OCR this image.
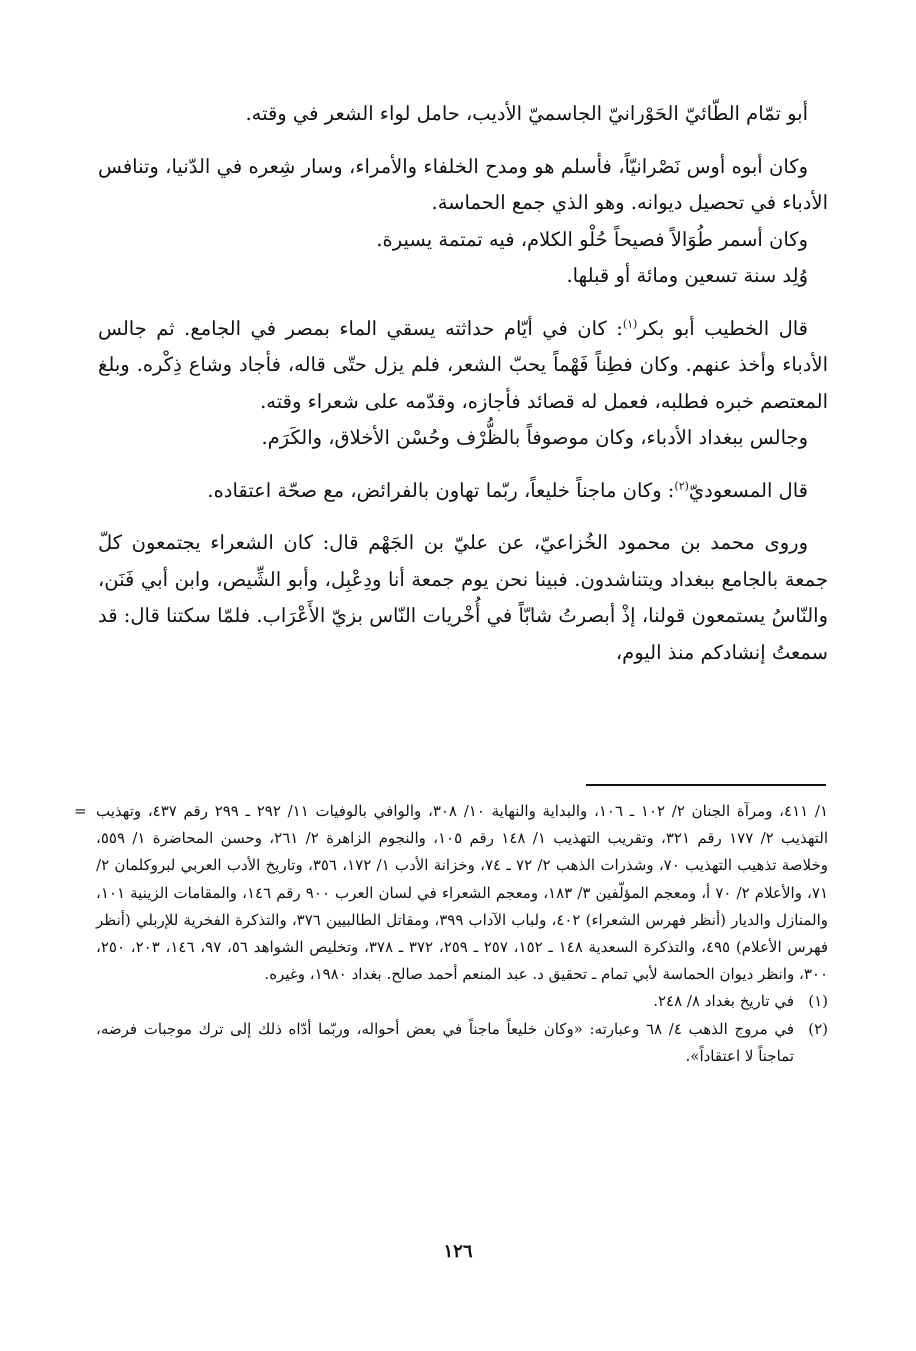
أبو تمّام الطّائيّ الحَوْرانيّ الجاسميّ الأديب، حامل لواء الشعر في وقته.

وكان أبوه أوس نَصْرانيّاً، فأسلم هو ومدح الخلفاء والأمراء، وسار شِعره في الدّنيا، وتنافس الأدباء في تحصيل ديوانه. وهو الذي جمع الحماسة.

وكان أسمر طُوَالاً فصيحاً حُلْو الكلام، فيه تمتمة يسيرة.

وُلِد سنة تسعين ومائة أو قبلها.

قال الخطيب أبو بكر$^{(١)}$: كان في أيّام حداثته يسقي الماء بمصر في الجامع. ثم جالس الأدباء وأخذ عنهم. وكان فطِناً فَهْماً يحبّ الشعر، فلم يزل حتّى قاله، فأجاد وشاع ذِكْره. وبلغ المعتصم خبره فطلبه، فعمل له قصائد فأجازه، وقدّمه على شعراء وقته.

وجالس ببغداد الأدباء، وكان موصوفاً بالظُّرْف وحُسْن الأخلاق، والكَرَم.

قال المسعوديّ$^{(٢)}$: وكان ماجناً خليعاً، ربّما تهاون بالفرائض، مع صحّة اعتقاده.

وروى محمد بن محمود الخُزاعيّ، عن عليّ بن الجَهْم قال: كان الشعراء يجتمعون كلّ جمعة بالجامع ببغداد ويتناشدون. فبينا نحن يوم جمعة أنا ودِعْبِل، وأبو الشِّيص، وابن أبي فَنَن، والنّاسُ يستمعون قولنا، إذْ أبصرتُ شابّاً في أُخْريات النّاس بزيّ الأَعْرَاب. فلمّا سكتنا قال: قد سمعتُ إنشادكم منذ اليوم،

= ١/ ٤١١، ومرآة الجنان ٢/ ١٠٢ ـ ١٠٦، والبداية والنهاية ١٠/ ٣٠٨، والوافي بالوفيات ١١/ ٢٩٢ ـ ٢٩٩ رقم ٤٣٧، وتهذيب التهذيب ٢/ ١٧٧ رقم ٣٢١، وتقريب التهذيب ١/ ١٤٨ رقم ١٠٥، والنجوم الزاهرة ٢/ ٢٦١، وحسن المحاضرة ١/ ٥٥٩، وخلاصة تذهيب التهذيب ٧٠، وشذرات الذهب ٢/ ٧٢ ـ ٧٤، وخزانة الأدب ١/ ١٧٢، ٣٥٦، وتاريخ الأدب العربي لبروكلمان ٢/ ٧١، والأعلام ٢/ ٧٠ أ، ومعجم المؤلّفين ٣/ ١٨٣، ومعجم الشعراء في لسان العرب ٩٠٠ رقم ١٤٦، والمقامات الزينية ١٠١، والمنازل والديار (أنظر فهرس الشعراء) ٤٠٢، ولباب الآداب ٣٩٩، ومقاتل الطالبيين ٣٧٦، والتذكرة الفخرية للإربلي (أنظر فهرس الأعلام) ٤٩٥، والتذكرة السعدية ١٤٨ ـ ١٥٢، ٢٥٧ ـ ٢٥٩، ٣٧٢ ـ ٣٧٨، وتخليص الشواهد ٥٦، ٩٧، ١٤٦، ٢٠٣، ٢٥٠، ٣٠٠، وانظر ديوان الحماسة لأبي تمام ـ تحقيق د. عبد المنعم أحمد صالح. بغداد ١٩٨٠، وغيره.

(١)
في تاريخ بغداد ٨/ ٢٤٨.
(٢)
في مروج الذهب ٤/ ٦٨ وعبارته: «وكان خليعاً ماجناً في بعض أحواله، وربّما أدّاه ذلك إلى ترك موجبات فرضه، تماجناً لا اعتقاداً».
١٢٦
